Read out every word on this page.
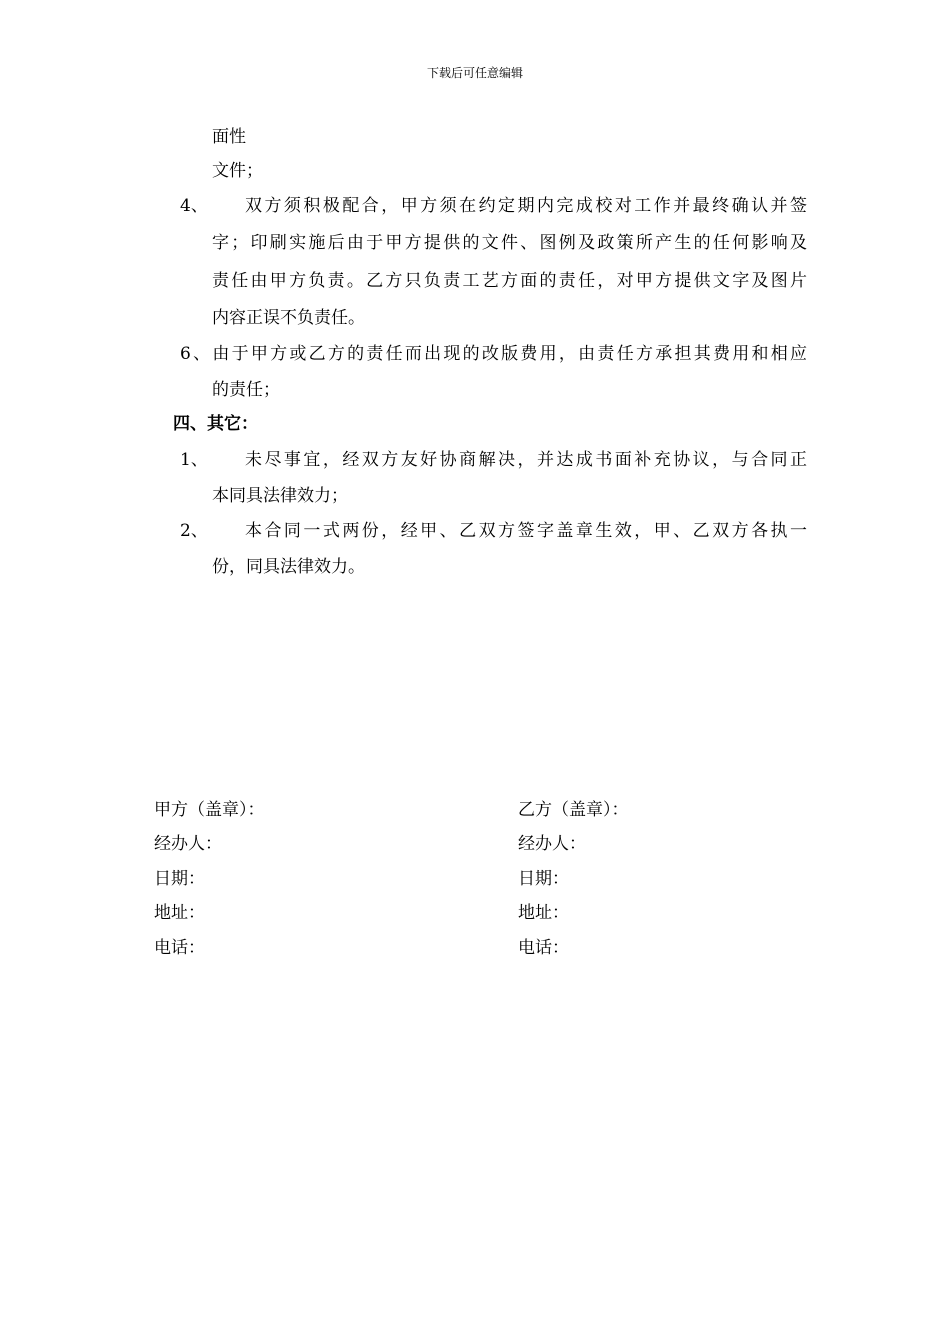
下载后可任意编辑
面性
文件；
4、 双方须积极配合，甲方须在约定期内完成校对工作并最终确认并签
字；印刷实施后由于甲方提供的文件、图例及政策所产生的任何影响及
责任由甲方负责。乙方只负责工艺方面的责任，对甲方提供文字及图片
内容正误不负责任。
6、由于甲方或乙方的责任而出现的改版费用，由责任方承担其费用和相应
的责任；
四、其它：
1、 未尽事宜，经双方友好协商解决，并达成书面补充协议，与合同正
本同具法律效力；
2、 本合同一式两份，经甲、乙双方签字盖章生效，甲、乙双方各执一
份，同具法律效力。
甲方（盖章）：
经办人：
日期：
地址：
电话：
乙方（盖章）：
经办人：
日期：
地址：
电话：
